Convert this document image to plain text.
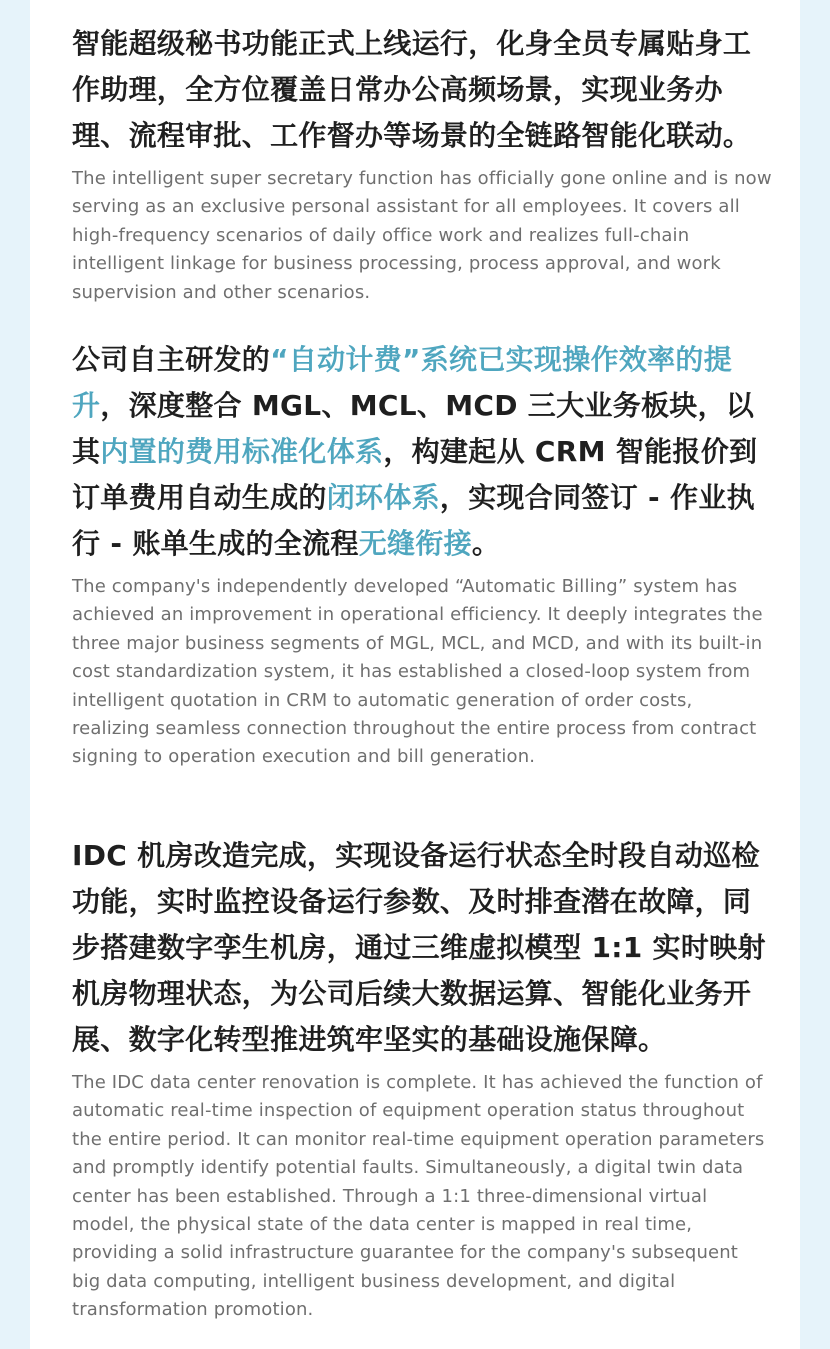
智能超级秘书功能正式上线运行，化身全员专属贴身工作助理，全方位覆盖日常办公高频场景，实现业务办理、流程审批、工作督办等场景的全链路智能化联动。

The intelligent super secretary function has officially gone online and is now serving as an exclusive personal assistant for all employees. It covers all high-frequency scenarios of daily office work and realizes full-chain intelligent linkage for business processing, process approval, and work supervision and other scenarios.

公司自主研发的“自动计费”系统已实现操作效率的提升，深度整合 MGL、MCL、MCD 三大业务板块，以其内置的费用标准化体系，构建起从 CRM 智能报价到订单费用自动生成的闭环体系，实现合同签订 - 作业执行 - 账单生成的全流程无缝衔接。

The company's independently developed “Automatic Billing” system has achieved an improvement in operational efficiency. It deeply integrates the three major business segments of MGL, MCL, and MCD, and with its built-in cost standardization system, it has established a closed-loop system from intelligent quotation in CRM to automatic generation of order costs, realizing seamless connection throughout the entire process from contract signing to operation execution and bill generation.

IDC 机房改造完成，实现设备运行状态全时段自动巡检功能，实时监控设备运行参数、及时排查潜在故障，同步搭建数字孪生机房，通过三维虚拟模型 1:1 实时映射机房物理状态，为公司后续大数据运算、智能化业务开展、数字化转型推进筑牢坚实的基础设施保障。

The IDC data center renovation is complete. It has achieved the function of automatic real-time inspection of equipment operation status throughout the entire period. It can monitor real-time equipment operation parameters and promptly identify potential faults. Simultaneously, a digital twin data center has been established. Through a 1:1 three-dimensional virtual model, the physical state of the data center is mapped in real time, providing a solid infrastructure guarantee for the company's subsequent big data computing, intelligent business development, and digital transformation promotion.
